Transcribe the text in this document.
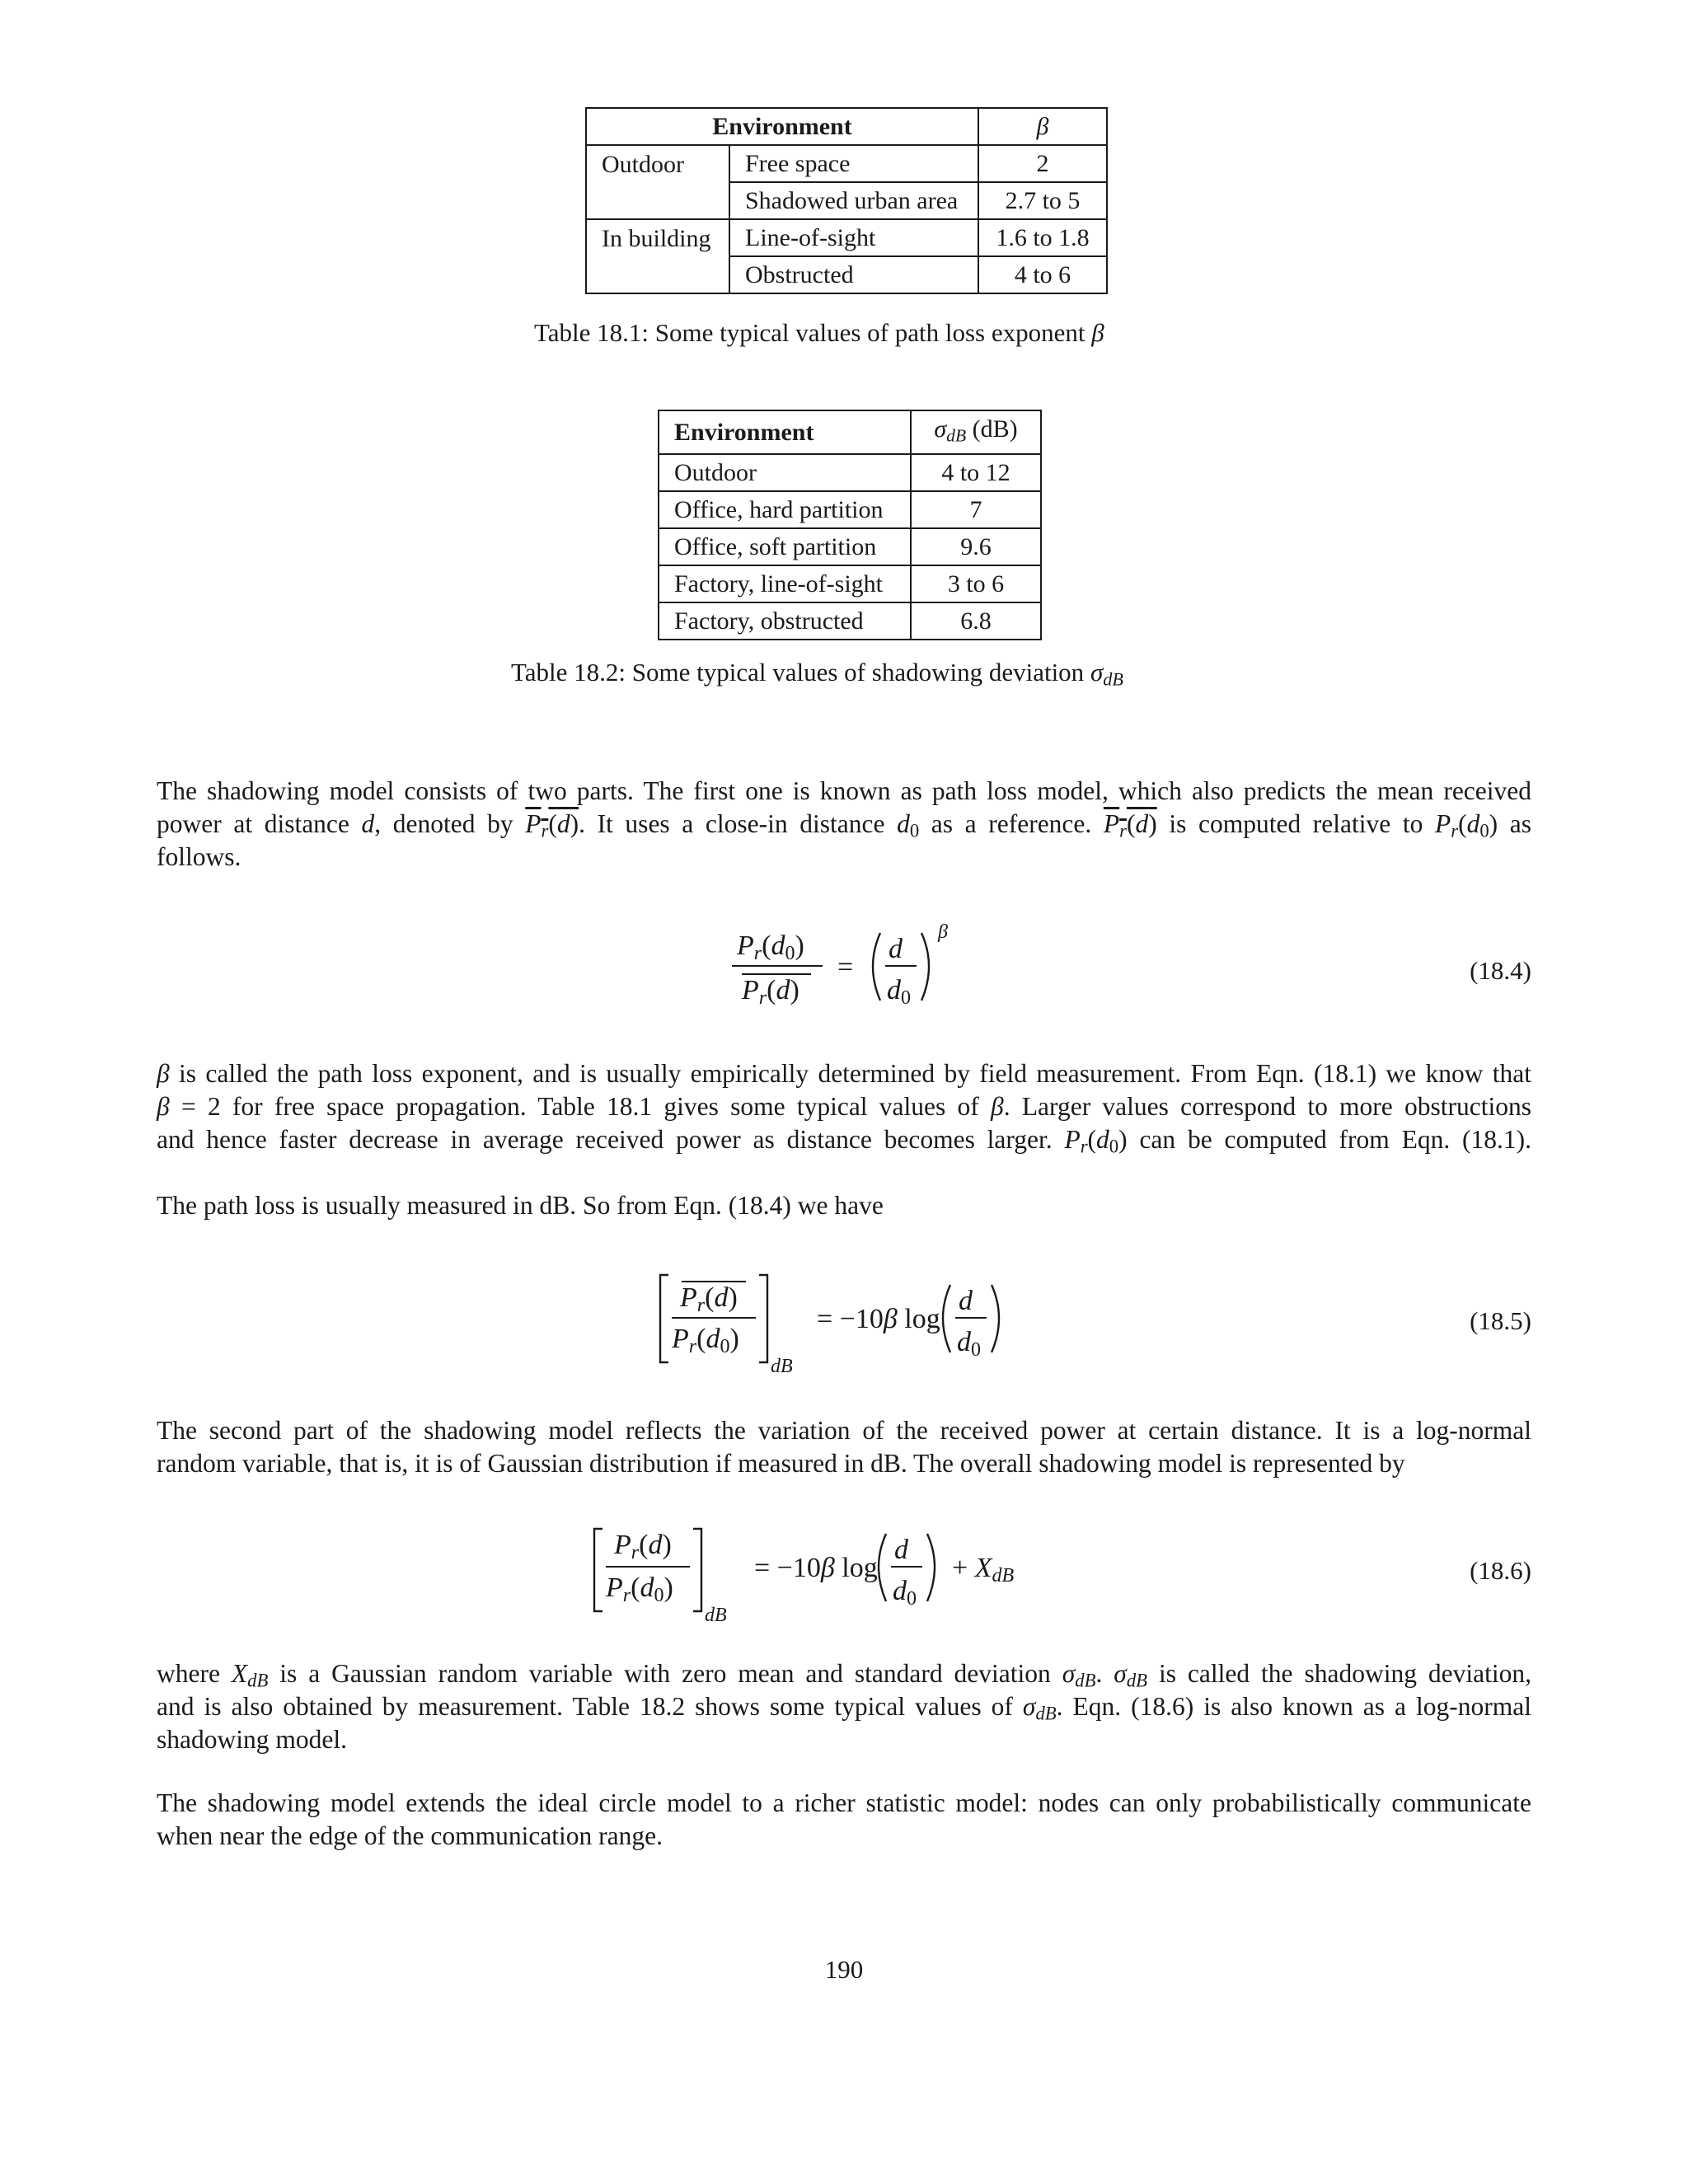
Environment		β
Outdoor	Free space	2
	Shadowed urban area	2.7 to 5
In building	Line-of-sight	1.6 to 1.8
	Obstructed	4 to 6
Table 18.1: Some typical values of path loss exponent β
Environment	$\sigma_{dB}$ (dB)
Outdoor	4 to 12
Office, hard partition	7
Office, soft partition	9.6
Factory, line-of-sight	3 to 6
Factory, obstructed	6.8
Table 18.2: Some typical values of shadowing deviation $\sigma_{dB}$
The shadowing model consists of two parts. The first one is known as path loss model, which also predicts the mean received
power at distance d, denoted by $P_r(d)$. It uses a close-in distance $d_0$ as a reference. $P_r(d)$ is computed relative to $P_r(d_0)$ as
follows.
Pr(d0)
Pr(d)
=
d
d0
β
(18.4)
β is called the path loss exponent, and is usually empirically determined by field measurement. From Eqn. (18.1) we know that
β = 2 for free space propagation. Table 18.1 gives some typical values of β. Larger values correspond to more obstructions
and hence faster decrease in average received power as distance becomes larger. $P_r(d_0)$ can be computed from Eqn. (18.1).
The path loss is usually measured in dB. So from Eqn. (18.4) we have
Pr(d)
Pr(d0)
dB
= −10β log
d
d0
(18.5)
The second part of the shadowing model reflects the variation of the received power at certain distance. It is a log-normal
random variable, that is, it is of Gaussian distribution if measured in dB. The overall shadowing model is represented by
Pr(d)
Pr(d0)
dB
= −10β log
d
d0
+ XdB	(18.6)
where $X_{dB}$ is a Gaussian random variable with zero mean and standard deviation $\sigma_{dB}$. $\sigma_{dB}$ is called the shadowing deviation,
and is also obtained by measurement. Table 18.2 shows some typical values of $\sigma_{dB}$. Eqn. (18.6) is also known as a log-normal
shadowing model.
The shadowing model extends the ideal circle model to a richer statistic model: nodes can only probabilistically communicate
when near the edge of the communication range.
190
